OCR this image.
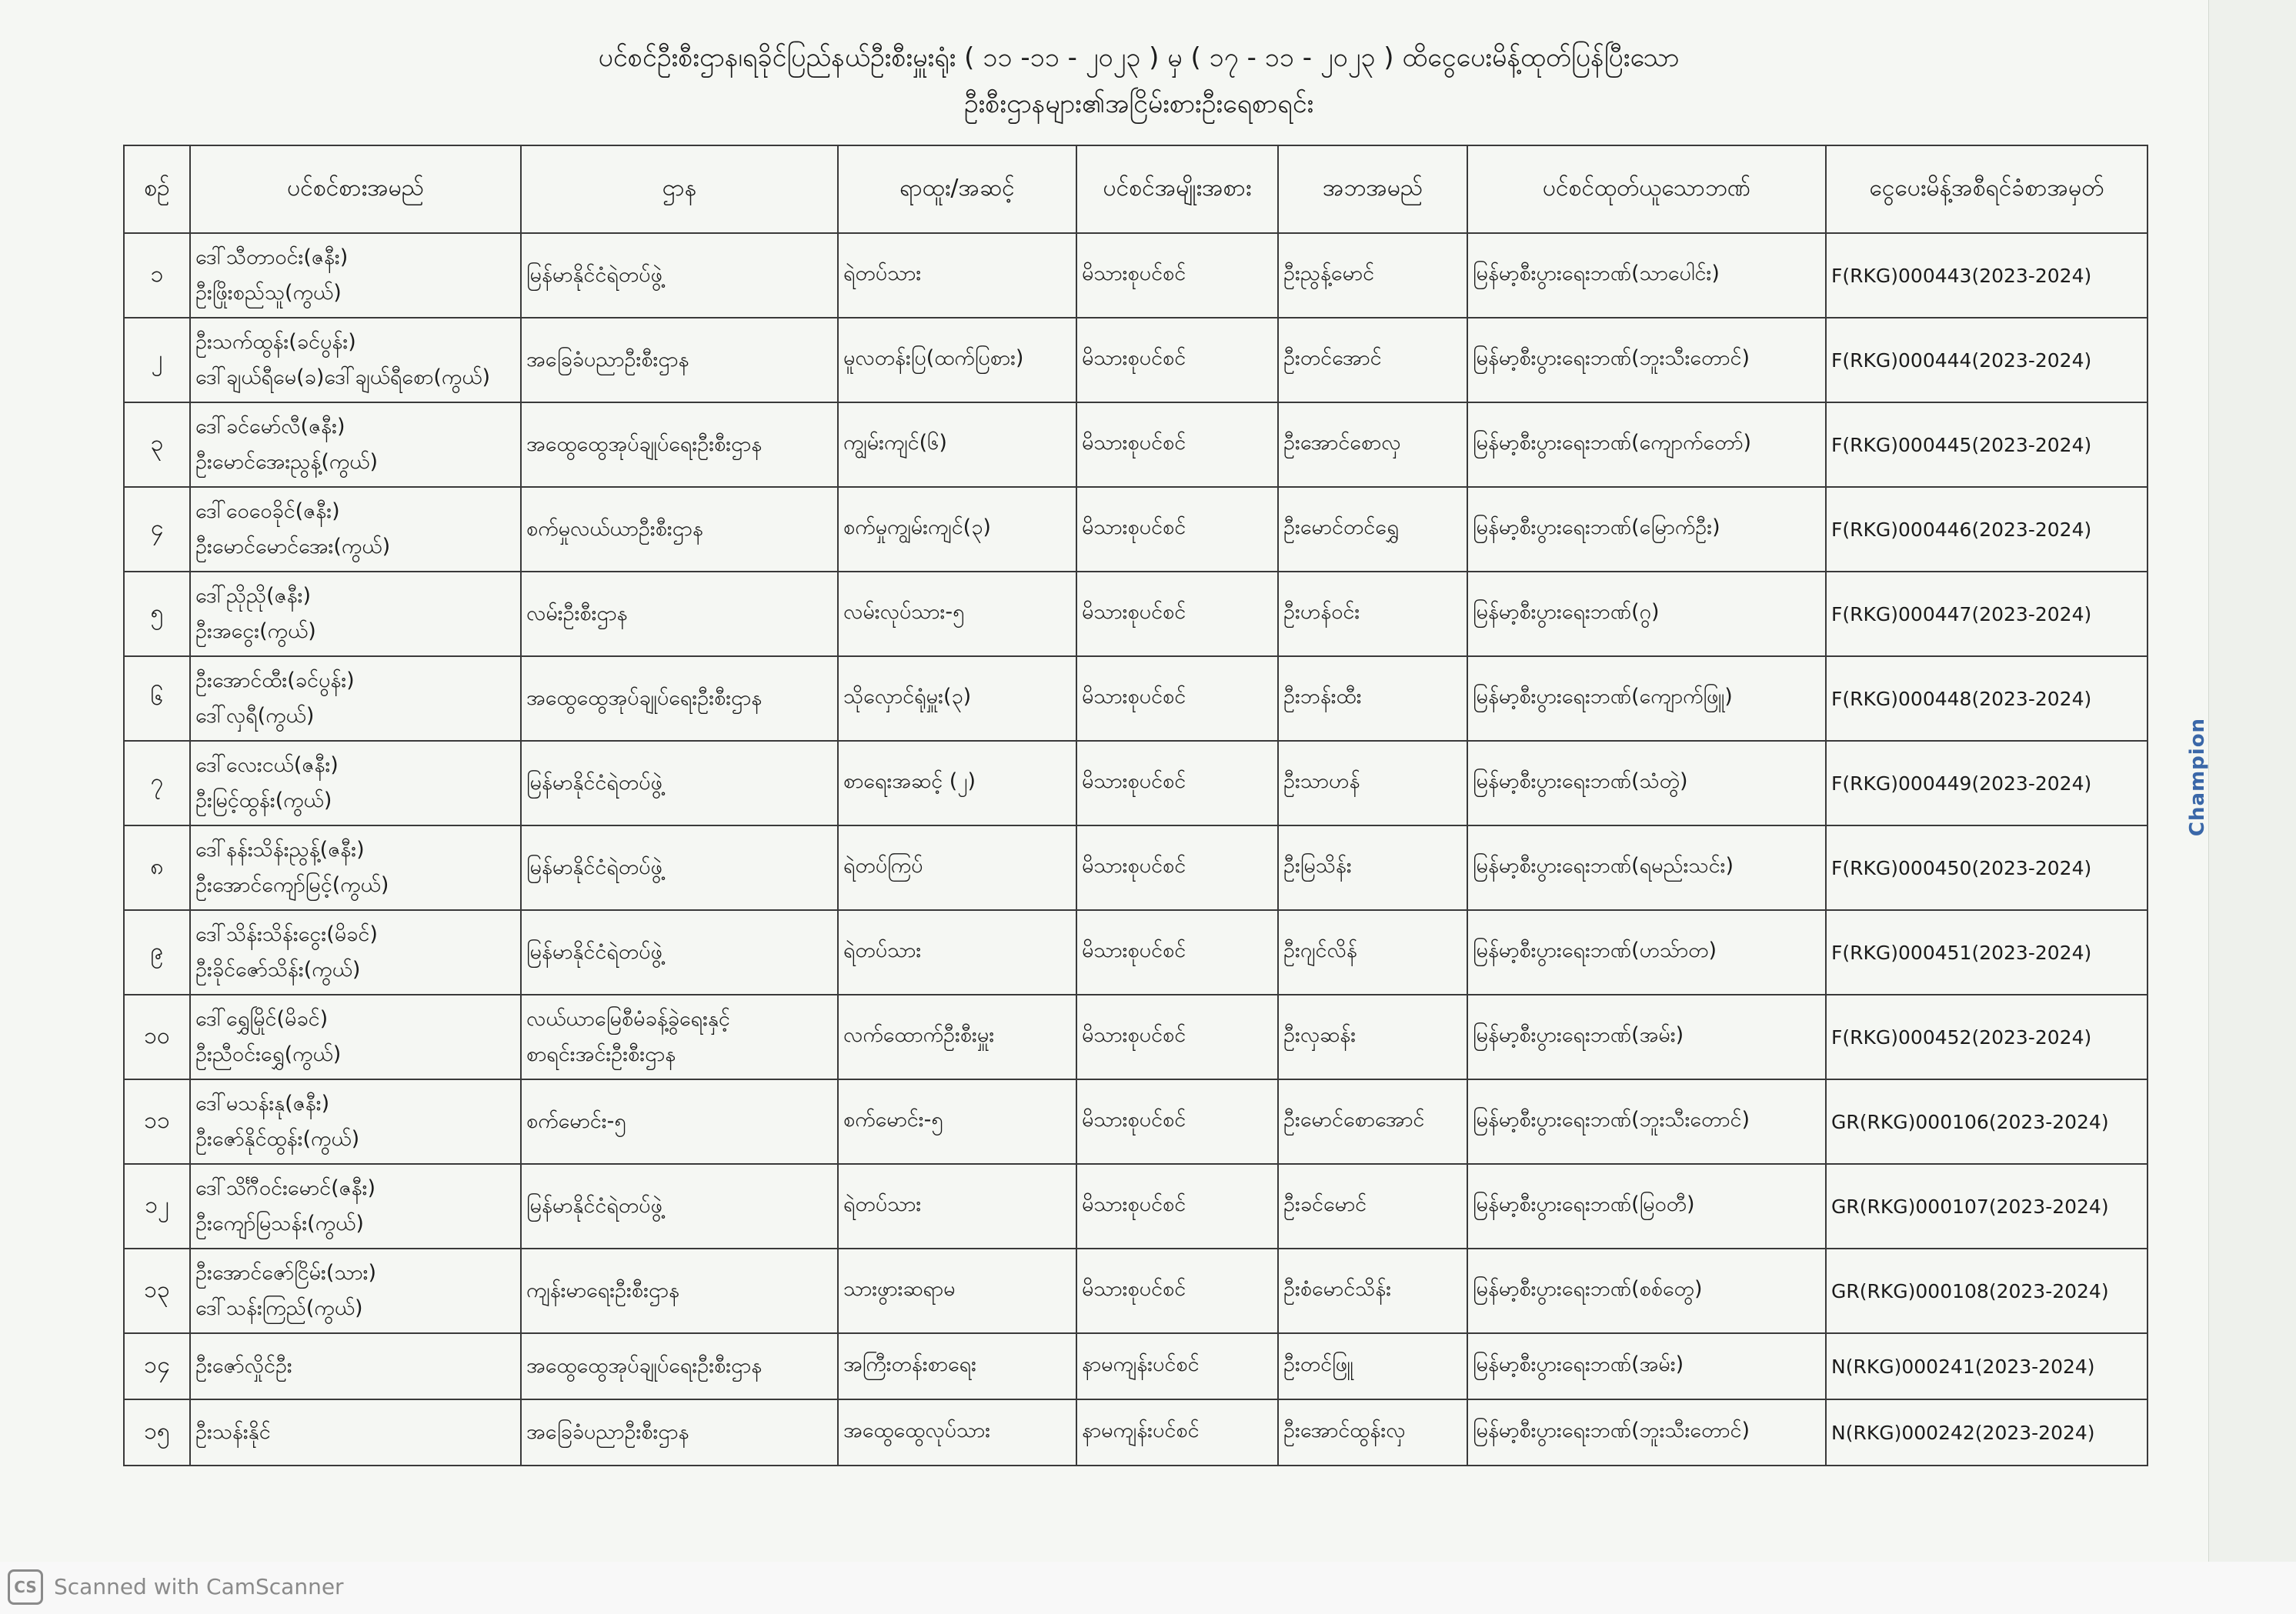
Champion
ပင်စင်ဦးစီးဌာန၊ရခိုင်ပြည်နယ်ဦးစီးမှူးရုံး ( ၁၁ -၁၁ - ၂၀၂၃ ) မှ ( ၁၇ - ၁၁ - ၂၀၂၃ ) ထိငွေပေးမိန့်ထုတ်ပြန်ပြီးသော
ဦးစီးဌာနများ၏အငြိမ်းစားဦးရေစာရင်း
စဉ်	ပင်စင်စားအမည်	ဌာန	ရာထူး/အဆင့်	ပင်စင်အမျိုးအစား	အဘအမည်	ပင်စင်ထုတ်ယူသောဘဏ်	ငွေပေးမိန့်အစီရင်ခံစာအမှတ်
၁	ဒေါ်သီတာဝင်း(ဇနီး)
ဦးဖြိုးစည်သူ(ကွယ်)	မြန်မာနိုင်ငံရဲတပ်ဖွဲ့	ရဲတပ်သား	မိသားစုပင်စင်	ဦးညွန့်မောင်	မြန်မာ့စီးပွားရေးဘဏ်(သာပေါင်း)	F(RKG)000443(2023-2024)
၂	ဦးသက်ထွန်း(ခင်ပွန်း)
ဒေါ်ချယ်ရီမေ(ခ)ဒေါ်ချယ်ရီစော(ကွယ်)	အခြေခံပညာဦးစီးဌာန	မူလတန်းပြ(ထက်ပြစား)	မိသားစုပင်စင်	ဦးတင်အောင်	မြန်မာ့စီးပွားရေးဘဏ်(ဘူးသီးတောင်)	F(RKG)000444(2023-2024)
၃	ဒေါ်ခင်မော်လီ(ဇနီး)
ဦးမောင်အေးညွန့်(ကွယ်)	အထွေထွေအုပ်ချုပ်ရေးဦးစီးဌာန	ကျွမ်းကျင်(၆)	မိသားစုပင်စင်	ဦးအောင်စောလှ	မြန်မာ့စီးပွားရေးဘဏ်(ကျောက်တော်)	F(RKG)000445(2023-2024)
၄	ဒေါ်ဝေဝေခိုင်(ဇနီး)
ဦးမောင်မောင်အေး(ကွယ်)	စက်မှုလယ်ယာဦးစီးဌာန	စက်မှုကျွမ်းကျင်(၃)	မိသားစုပင်စင်	ဦးမောင်တင်ရွှေ	မြန်မာ့စီးပွားရေးဘဏ်(မြောက်ဦး)	F(RKG)000446(2023-2024)
၅	ဒေါ်ညိုညို(ဇနီး)
ဦးအငွေး(ကွယ်)	လမ်းဦးစီးဌာန	လမ်းလုပ်သား-၅	မိသားစုပင်စင်	ဦးဟန်ဝင်း	မြန်မာ့စီးပွားရေးဘဏ်(ဂွ)	F(RKG)000447(2023-2024)
၆	ဦးအောင်ထီး(ခင်ပွန်း)
ဒေါ်လှရီ(ကွယ်)	အထွေထွေအုပ်ချုပ်ရေးဦးစီးဌာန	သိုလှောင်ရုံမှူး(၃)	မိသားစုပင်စင်	ဦးဘန်းထီး	မြန်မာ့စီးပွားရေးဘဏ်(ကျောက်ဖြူ)	F(RKG)000448(2023-2024)
၇	ဒေါ်လေးငယ်(ဇနီး)
ဦးမြင့်ထွန်း(ကွယ်)	မြန်မာနိုင်ငံရဲတပ်ဖွဲ့	စာရေးအဆင့် (၂)	မိသားစုပင်စင်	ဦးသာဟန်	မြန်မာ့စီးပွားရေးဘဏ်(သံတွဲ)	F(RKG)000449(2023-2024)
၈	ဒေါ်နန်းသိန်းညွန့်(ဇနီး)
ဦးအောင်ကျော်မြင့်(ကွယ်)	မြန်မာနိုင်ငံရဲတပ်ဖွဲ့	ရဲတပ်ကြပ်	မိသားစုပင်စင်	ဦးမြသိန်း	မြန်မာ့စီးပွားရေးဘဏ်(ရမည်းသင်း)	F(RKG)000450(2023-2024)
၉	ဒေါ်သိန်းသိန်းငွေး(မိခင်)
ဦးခိုင်ဇော်သိန်း(ကွယ်)	မြန်မာနိုင်ငံရဲတပ်ဖွဲ့	ရဲတပ်သား	မိသားစုပင်စင်	ဦးဂျင်လိန်	မြန်မာ့စီးပွားရေးဘဏ်(ဟသ်ာတ)	F(RKG)000451(2023-2024)
၁၀	ဒေါ်ရွှေမြိုင်(မိခင်)
ဦးညီဝင်းရွှေ(ကွယ်)	လယ်ယာမြေစီမံခန့်ခွဲရေးနှင့်
စာရင်းအင်းဦးစီးဌာန	လက်ထောက်ဦးစီးမှူး	မိသားစုပင်စင်	ဦးလှဆန်း	မြန်မာ့စီးပွားရေးဘဏ်(အမ်း)	F(RKG)000452(2023-2024)
၁၁	ဒေါ်မသန်းနု(ဇနီး)
ဦးဇော်နိုင်ထွန်း(ကွယ်)	စက်မောင်း-၅	စက်မောင်း-၅	မိသားစုပင်စင်	ဦးမောင်စောအောင်	မြန်မာ့စီးပွားရေးဘဏ်(ဘူးသီးတောင်)	GR(RKG)000106(2023-2024)
၁၂	ဒေါ်သိင်္ဂီဝင်းမောင်(ဇနီး)
ဦးကျော်မြသန်း(ကွယ်)	မြန်မာနိုင်ငံရဲတပ်ဖွဲ့	ရဲတပ်သား	မိသားစုပင်စင်	ဦးခင်မောင်	မြန်မာ့စီးပွားရေးဘဏ်(မြဝတီ)	GR(RKG)000107(2023-2024)
၁၃	ဦးအောင်ဇော်ငြိမ်း(သား)
ဒေါ်သန်းကြည်(ကွယ်)	ကျန်းမာရေးဦးစီးဌာန	သားဖွားဆရာမ	မိသားစုပင်စင်	ဦးစံမောင်သိန်း	မြန်မာ့စီးပွားရေးဘဏ်(စစ်တွေ)	GR(RKG)000108(2023-2024)
၁၄	ဦးဇော်လှိုင်ဦး	အထွေထွေအုပ်ချုပ်ရေးဦးစီးဌာန	အကြီးတန်းစာရေး	နာမကျန်းပင်စင်	ဦးတင်ဖြူ	မြန်မာ့စီးပွားရေးဘဏ်(အမ်း)	N(RKG)000241(2023-2024)
၁၅	ဦးသန်းနိုင်	အခြေခံပညာဦးစီးဌာန	အထွေထွေလုပ်သား	နာမကျန်းပင်စင်	ဦးအောင်ထွန်းလှ	မြန်မာ့စီးပွားရေးဘဏ်(ဘူးသီးတောင်)	N(RKG)000242(2023-2024)
CS Scanned with CamScanner
